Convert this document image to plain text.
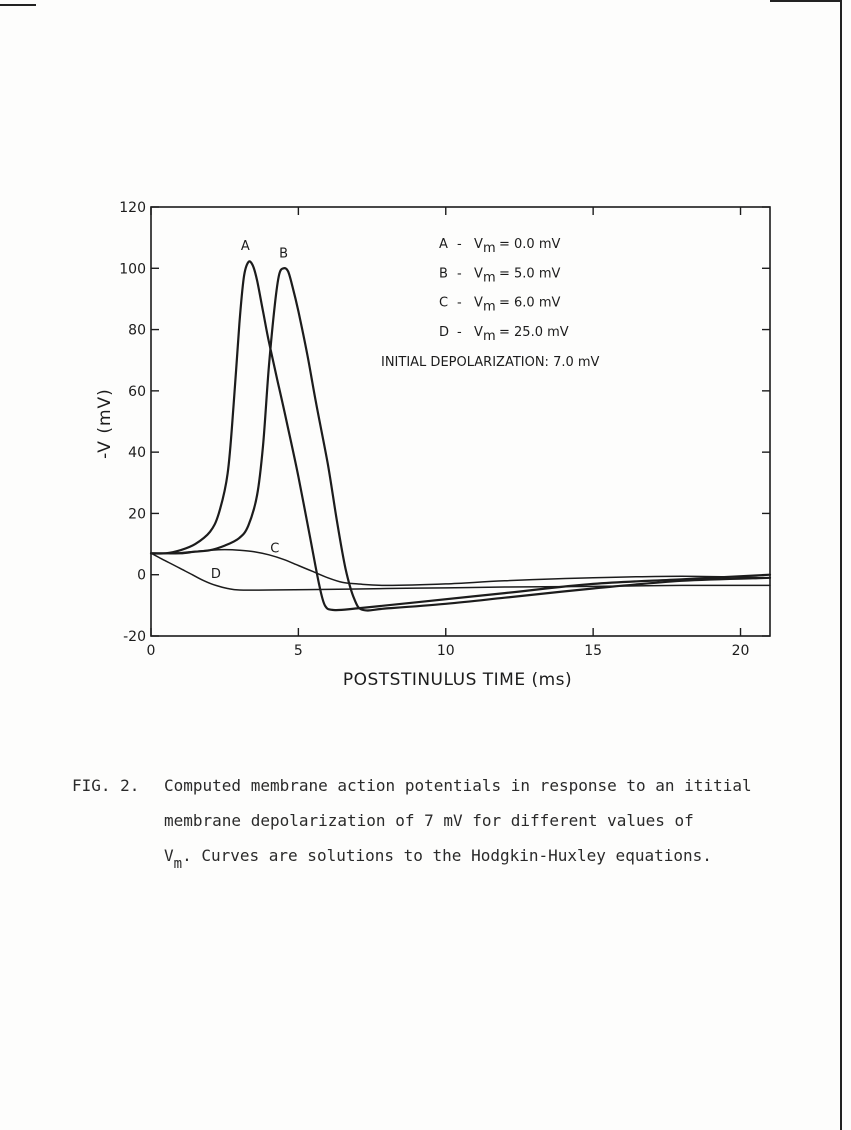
0	5	10	15	20
-20
0
20
40
60
80
100
120
POSTSTINULUS TIME (ms)
-V (mV)
A
B
C
D
A - V m = 0.0 mV
B - V m = 5.0 mV
C - V m = 6.0 mV
D - V m = 25.0 mV
INITIAL DEPOLARIZATION: 7.0 mV
FIG. 2. Computed membrane action potentials in response to an ititial
membrane depolarization of 7 mV for different values of
$V_m$. Curves are solutions to the Hodgkin-Huxley equations.
